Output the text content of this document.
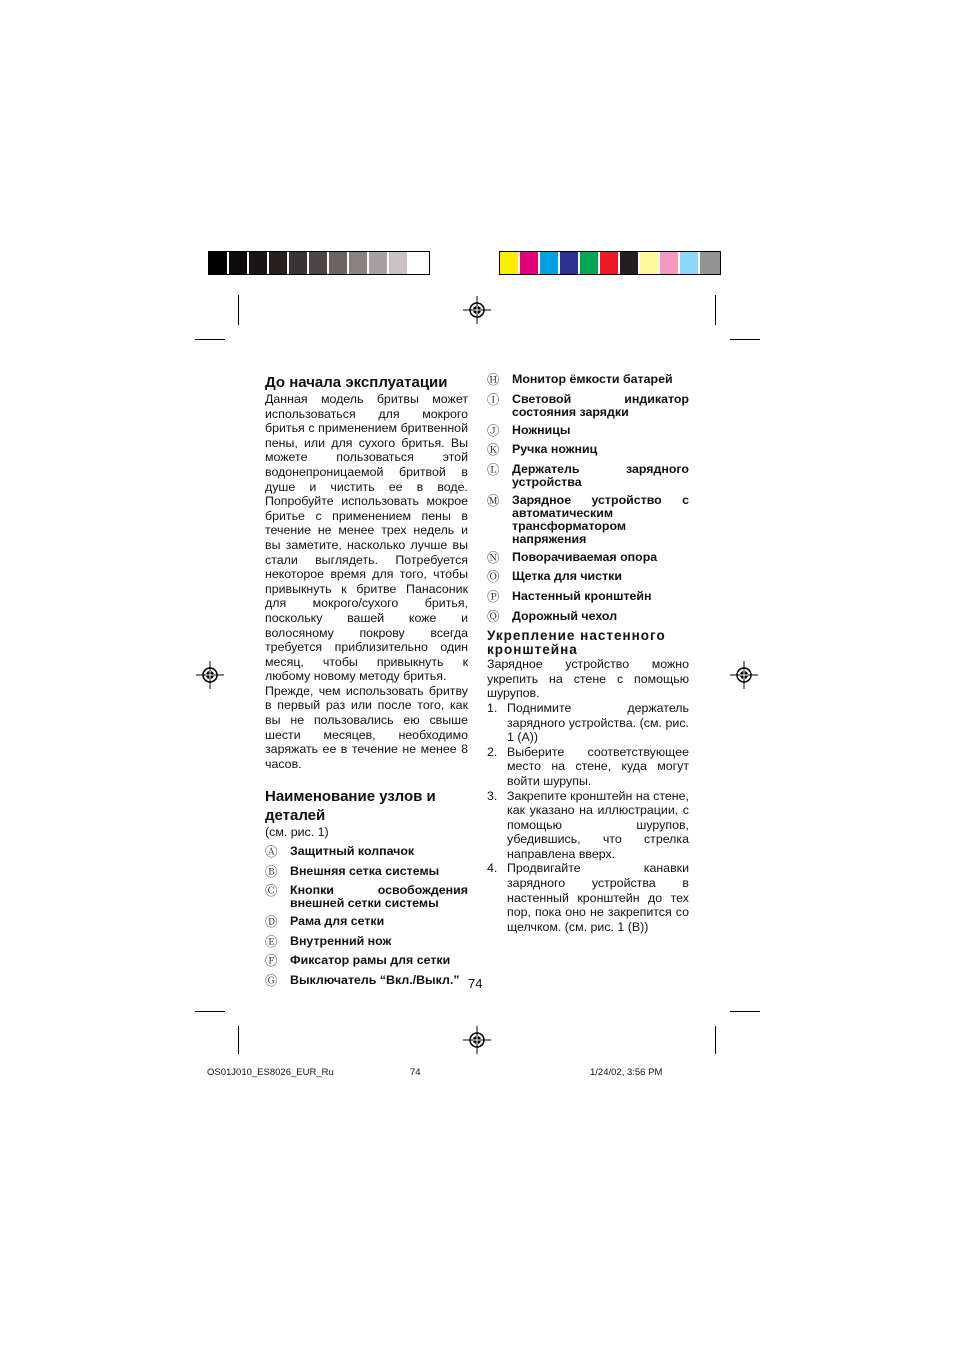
До начала эксплуатации

Данная модель бритвы может использоваться для мокрого бритья с применением бритвенной пены, или для сухого бритья. Вы можете пользоваться этой водонепроницаемой бритвой в душе и чистить ее в воде. Попробуйте использовать мокрое бритье с применением пены в течение не менее трех недель и вы заметите, насколько лучше вы стали выглядеть. Потребуется некоторое время для того, чтобы привыкнуть к бритве Панасоник для мокрого/сухого бритья, поскольку вашей коже и волосяному покрову всегда требуется приблизительно один месяц, чтобы привыкнуть к любому новому методу бритья.

Прежде, чем использовать бритву в первый раз или после того, как вы не пользовались ею свыше шести месяцев, необходимо заряжать ее в течение не менее 8 часов.

Наименование узлов и деталей

(см. рис. 1)

Ⓐ	Защитный колпачок
Ⓑ	Внешняя сетка системы
Ⓒ	Кнопки освобождения внешней сетки системы
Ⓓ	Рама для сетки
Ⓔ	Внутренний нож
Ⓕ	Фиксатор рамы для сетки
Ⓖ	Выключатель “Вкл./Выкл.”
Ⓗ	Монитор ёмкости батарей
Ⓘ	Световой индикатор состояния зарядки
Ⓙ	Ножницы
Ⓚ	Ручка ножниц
Ⓛ	Держатель зарядного устройства
Ⓜ	Зарядное устройство с автоматическим трансформатором напряжения
Ⓝ	Поворачиваемая опора
Ⓞ	Щетка для чистки
Ⓟ	Настенный кронштейн
Ⓠ	Дорожный чехол
Укрепление настенного кронштейна

Зарядное устройство можно укрепить на стене с помощью шурупов.

1. Поднимите держатель зарядного устройства. (см. рис. 1 (A))
2. Выберите соответствующее место на стене, куда могут войти шурупы.
3. Закрепите кронштейн на стене, как указано на иллюстрации, с помощью шурупов, убедившись, что стрелка направлена вверх.
4. Продвигайте канавки зарядного устройства в настенный кронштейн до тех пор, пока оно не закрепится со щелчком. (см. рис. 1 (B))
74
OS01J010_ES8026_EUR_Ru	74	1/24/02, 3:56 PM
